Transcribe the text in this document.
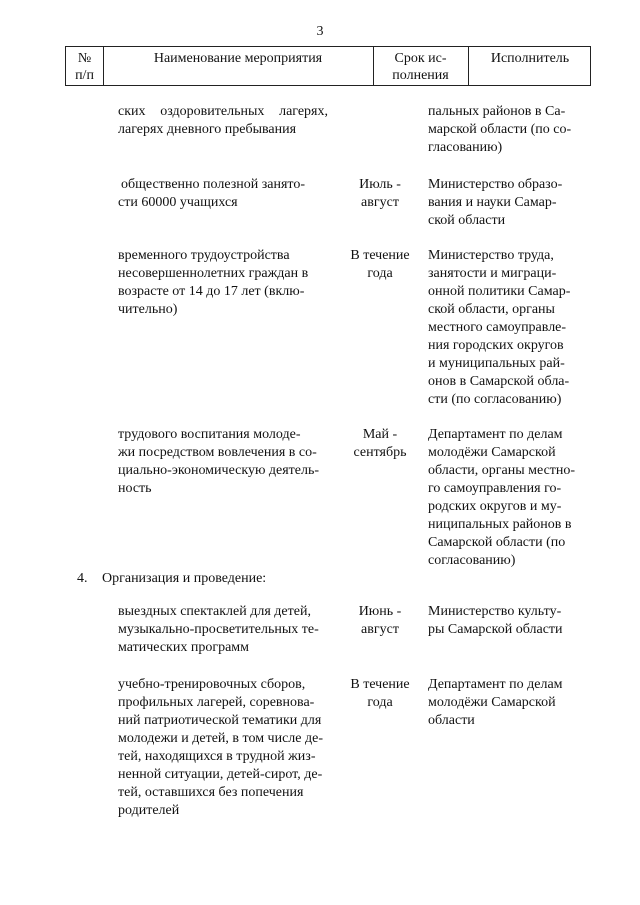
3
№
п/п
Наименование мероприятия	Срок ис-
полнения
Исполнитель
ских оздоровительных лагерях,
лагерях дневного пребывания
пальных районов в Са-
марской области (по со-
гласованию)
общественно полезной занято-
сти 60000 учащихся
Июль -
август
Министерство образо-
вания и науки Самар-
ской области
временного трудоустройства
несовершеннолетних граждан в
возрасте от 14 до 17 лет (вклю-
чительно)
В течение
года
Министерство труда,
занятости и миграци-
онной политики Самар-
ской области, органы
местного самоуправле-
ния городских округов
и муниципальных рай-
онов в Самарской обла-
сти (по согласованию)
трудового воспитания молоде-
жи посредством вовлечения в со-
циально-экономическую деятель-
ность
Май -
сентябрь
Департамент по делам
молодёжи Самарской
области, органы местно-
го самоуправления го-
родских округов и му-
ниципальных районов в
Самарской области (по
согласованию)
4. Организация и проведение:
выездных спектаклей для детей,
музыкально-просветительных те-
матических программ
Июнь -
август
Министерство культу-
ры Самарской области
учебно-тренировочных сборов,
профильных лагерей, соревнова-
ний патриотической тематики для
молодежи и детей, в том числе де-
тей, находящихся в трудной жиз-
ненной ситуации, детей-сирот, де-
тей, оставшихся без попечения
родителей
В течение
года
Департамент по делам
молодёжи Самарской
области
